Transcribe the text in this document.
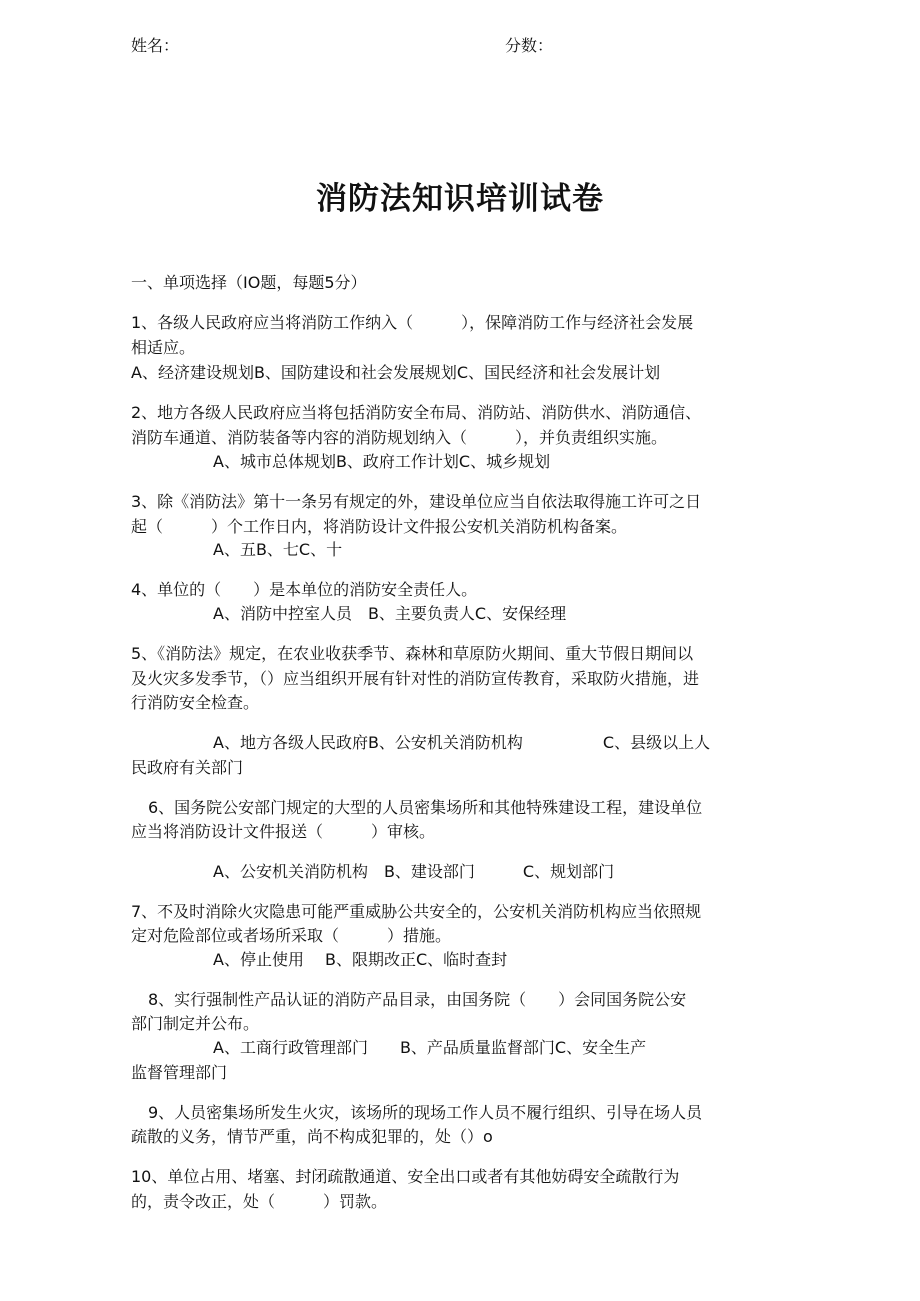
姓名：	分数：

消防法知识培训试卷

一、单项选择（IO题，每题5分）

1、各级人民政府应当将消防工作纳入（　　　），保障消防工作与经济社会发展

相适应。

A、经济建设规划B、国防建设和社会发展规划C、国民经济和社会发展计划

2、地方各级人民政府应当将包括消防安全布局、消防站、消防供水、消防通信、

消防车通道、消防装备等内容的消防规划纳入（　　　），并负责组织实施。

A、城市总体规划B、政府工作计划C、城乡规划

3、除《消防法》第十一条另有规定的外，建设单位应当自依法取得施工许可之日

起（　　　）个工作日内，将消防设计文件报公安机关消防机构备案。

A、五B、七C、十

4、单位的（　　）是本单位的消防安全责任人。

A、消防中控室人员　B、主要负责人C、安保经理

5、《消防法》规定，在农业收获季节、森林和草原防火期间、重大节假日期间以

及火灾多发季节，（）应当组织开展有针对性的消防宣传教育，采取防火措施，进

行消防安全检查。

A、地方各级人民政府B、公安机关消防机构　　　　　C、县级以上人

民政府有关部门

6、国务院公安部门规定的大型的人员密集场所和其他特殊建设工程，建设单位

应当将消防设计文件报送（　　　）审核。

A、公安机关消防机构　B、建设部门　　　C、规划部门

7、不及时消除火灾隐患可能严重威胁公共安全的，公安机关消防机构应当依照规

定对危险部位或者场所采取（　　　）措施。

A、停止使用　 B、限期改正C、临时查封

8、实行强制性产品认证的消防产品目录，由国务院（　　）会同国务院公安

部门制定并公布。

A、工商行政管理部门　　B、产品质量监督部门C、安全生产

监督管理部门

9、人员密集场所发生火灾，该场所的现场工作人员不履行组织、引导在场人员

疏散的义务，情节严重，尚不构成犯罪的，处（）o

10、单位占用、堵塞、封闭疏散通道、安全出口或者有其他妨碍安全疏散行为

的，责令改正，处（　　　）罚款。
